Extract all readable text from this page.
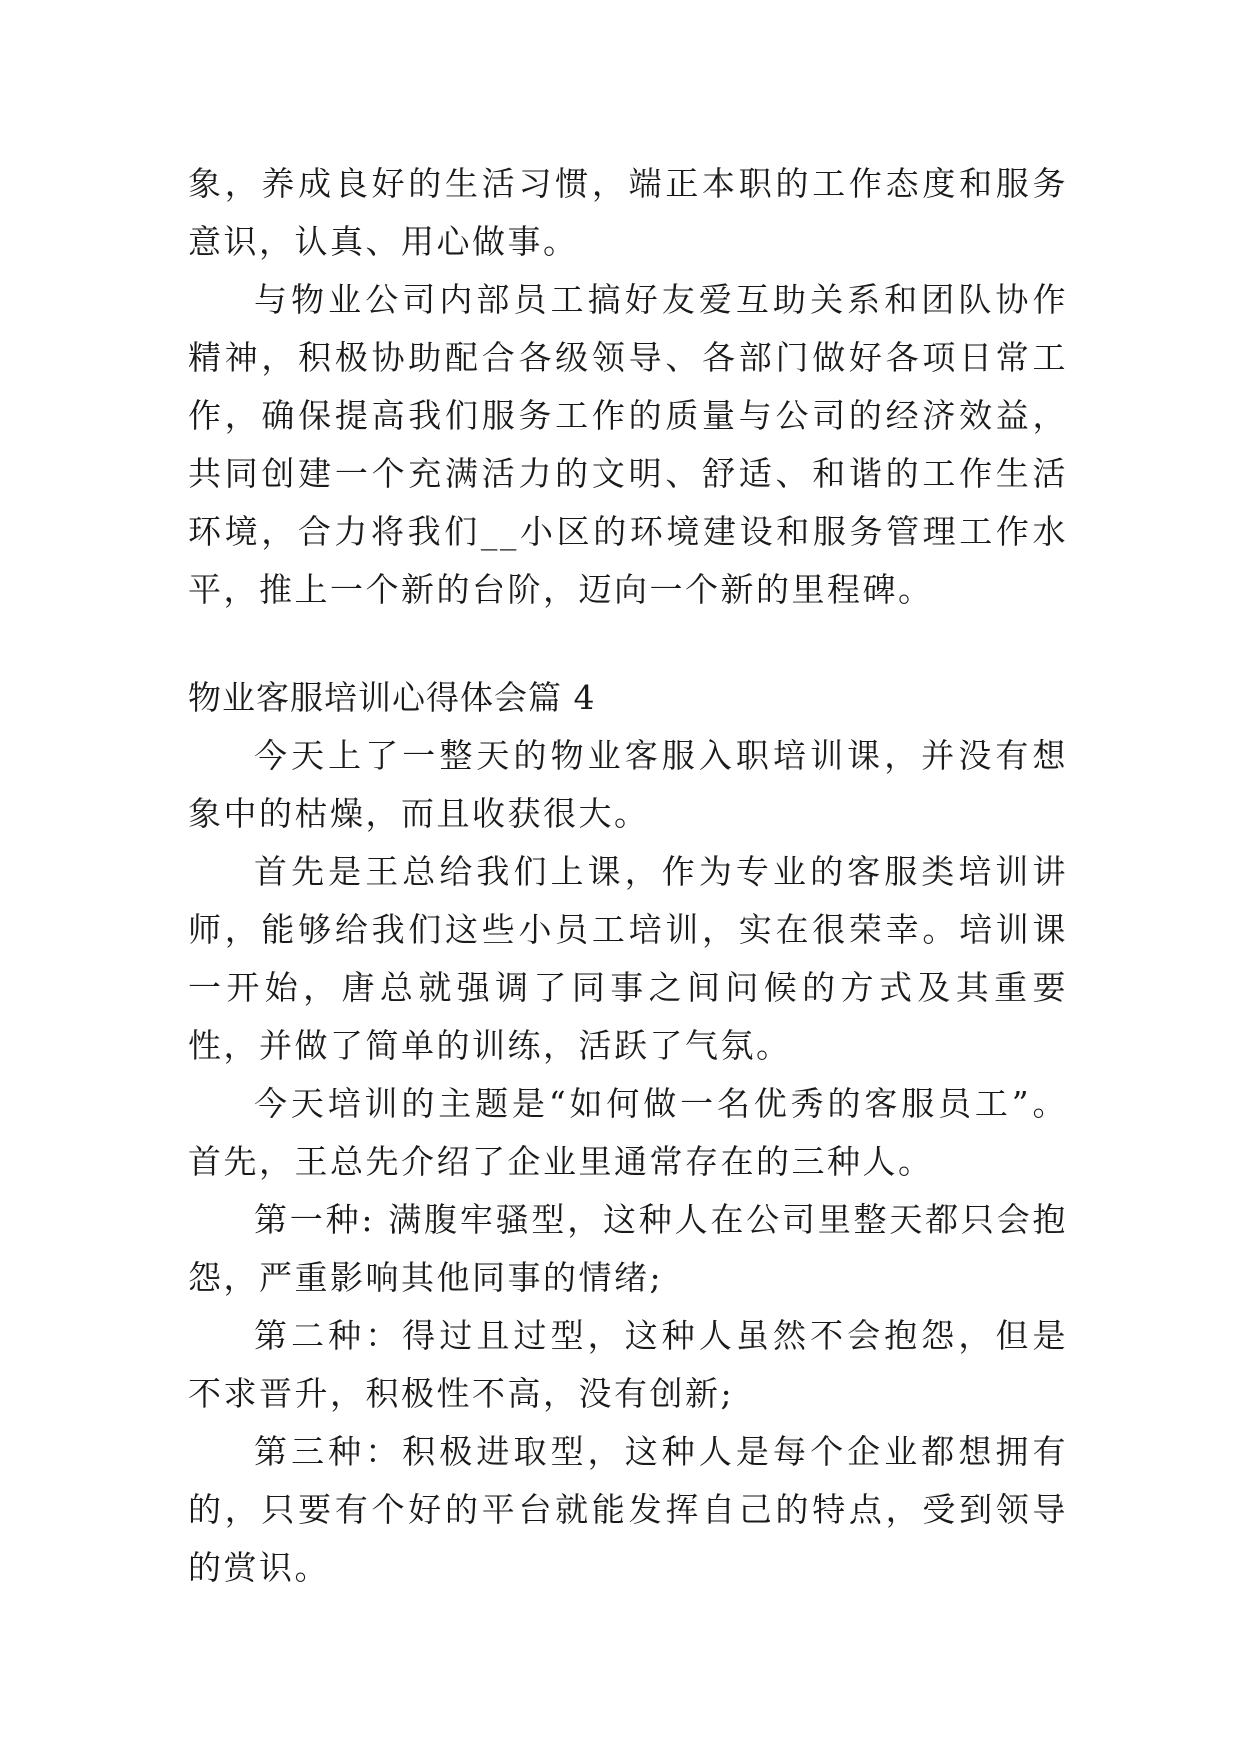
象，养成良好的生活习惯，端正本职的工作态度和服务意识，认真、用心做事。

与物业公司内部员工搞好友爱互助关系和团队协作精神，积极协助配合各级领导、各部门做好各项日常工作，确保提高我们服务工作的质量与公司的经济效益，共同创建一个充满活力的文明、舒适、和谐的工作生活环境，合力将我们__小区的环境建设和服务管理工作水平，推上一个新的台阶，迈向一个新的里程碑。

物业客服培训心得体会篇 4

今天上了一整天的物业客服入职培训课，并没有想象中的枯燥，而且收获很大。

首先是王总给我们上课，作为专业的客服类培训讲师，能够给我们这些小员工培训，实在很荣幸。培训课一开始，唐总就强调了同事之间问候的方式及其重要性，并做了简单的训练，活跃了气氛。

今天培训的主题是“如何做一名优秀的客服员工”。首先，王总先介绍了企业里通常存在的三种人。

第一种: 满腹牢骚型，这种人在公司里整天都只会抱怨，严重影响其他同事的情绪;

第二种：得过且过型，这种人虽然不会抱怨，但是不求晋升，积极性不高，没有创新;

第三种：积极进取型，这种人是每个企业都想拥有的，只要有个好的平台就能发挥自己的特点，受到领导的赏识。
